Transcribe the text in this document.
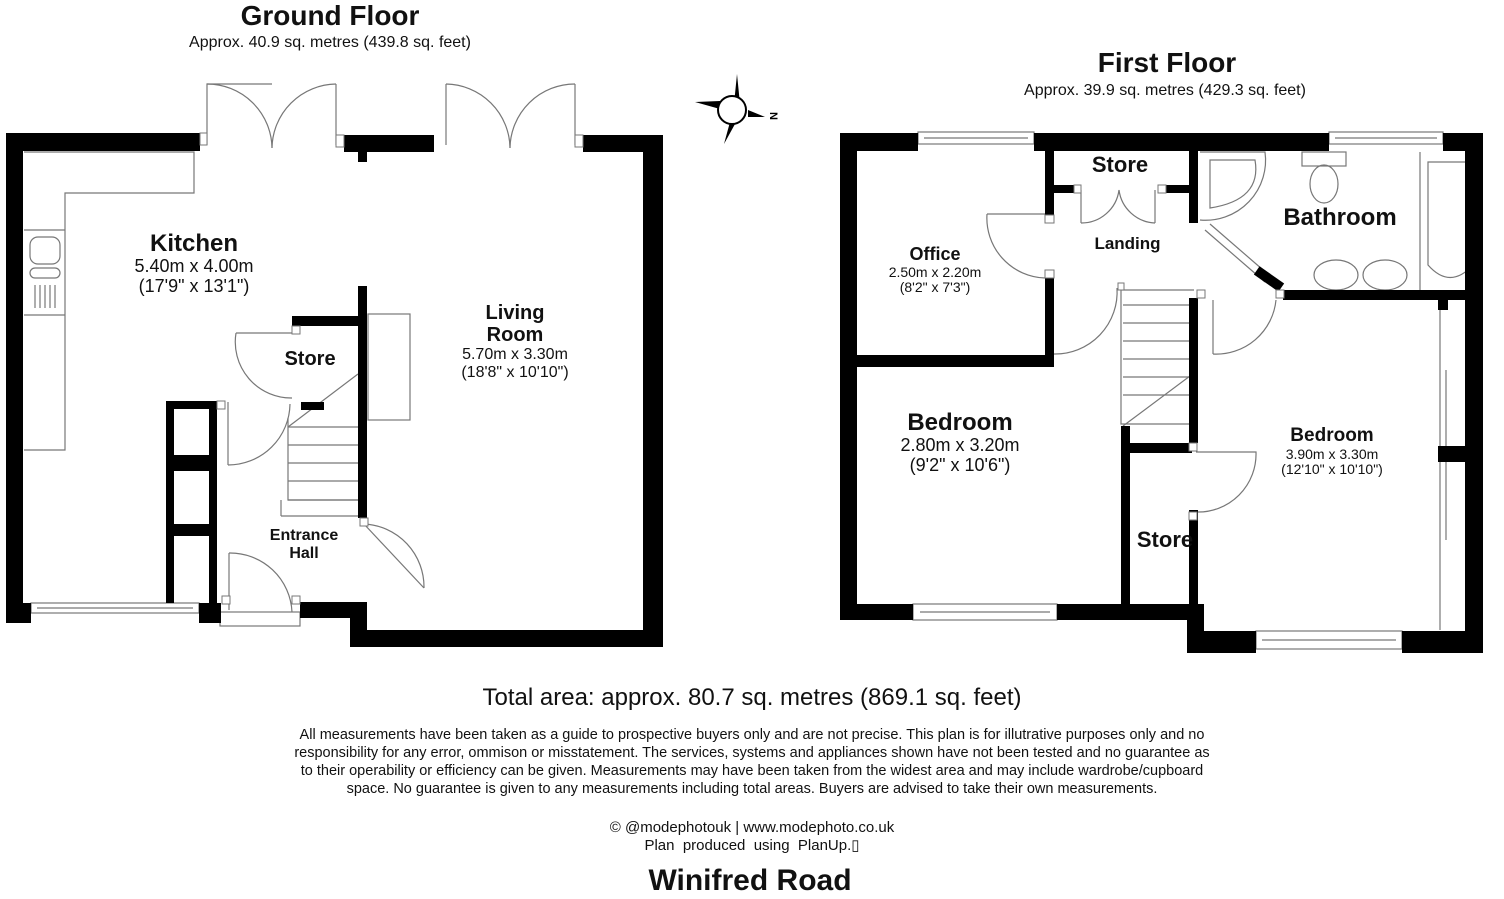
Ground Floor
Approx. 40.9 sq. metres (439.8 sq. feet)
First Floor
Approx. 39.9 sq. metres (429.3 sq. feet)
N
Kitchen
5.40m x 4.00m
(17'9" x 13'1")
Store
Living
Room
5.70m x 3.30m
(18'8" x 10'10")
Entrance
Hall
Store
Landing
Bathroom
Office
2.50m x 2.20m
(8'2" x 7'3")
Bedroom
2.80m x 3.20m
(9'2" x 10'6")
Bedroom
3.90m x 3.30m
(12'10" x 10'10")
Store
Total area: approx. 80.7 sq. metres (869.1 sq. feet)
All measurements have been taken as a guide to prospective buyers only and are not precise. This plan is for illutrative purposes only and no
responsibility for any error, ommison or misstatement. The services, systems and appliances shown have not been tested and no guarantee as
to their operability or efficiency can be given. Measurements may have been taken from the widest area and may include wardrobe/cupboard
space. No guarantee is given to any measurements including total areas. Buyers are advised to take their own measurements.
© @modephotouk | www.modephoto.co.uk
Plan  produced  using  PlanUp.▯
Winifred Road
